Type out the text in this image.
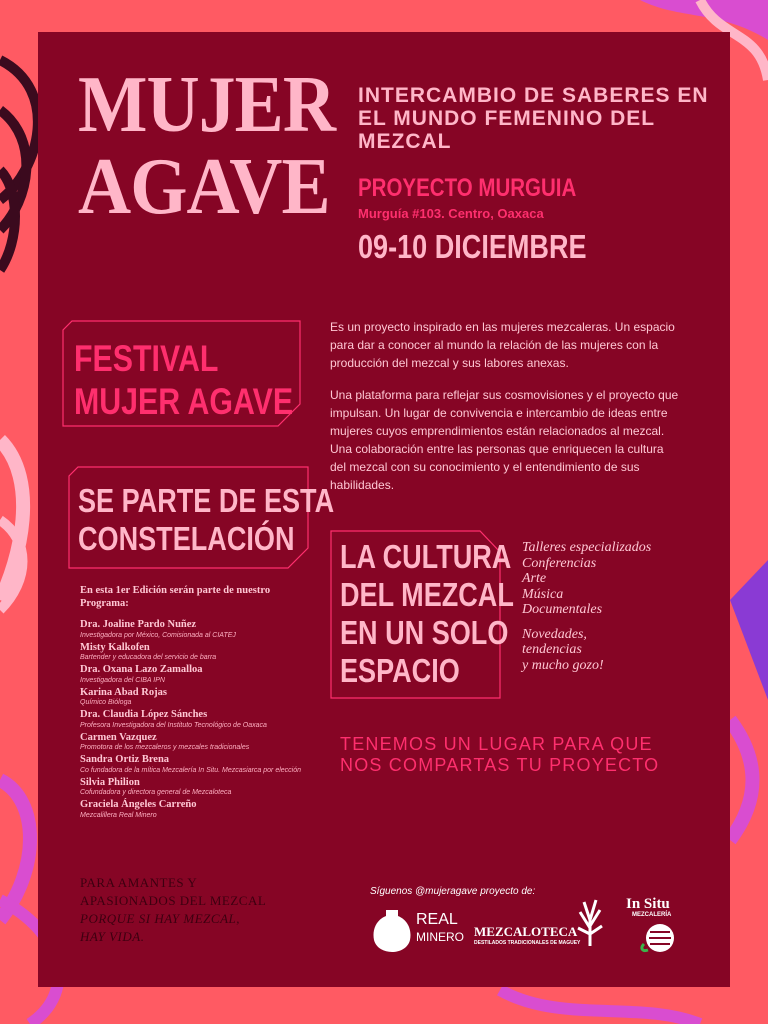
MUJER
AGAVE
INTERCAMBIO DE SABERES EN EL MUNDO FEMENINO DEL MEZCAL
PROYECTO MURGUIA
Murguía #103. Centro, Oaxaca
09-10 DICIEMBRE
FESTIVAL
MUJER AGAVE

Es un proyecto inspirado en las mujeres mezcaleras. Un espacio para dar a conocer al mundo la relación de las mujeres con la producción del mezcal y sus labores anexas.

Una plataforma para reflejar sus cosmovisiones y el proyecto que impulsan. Un lugar de convivencia e intercambio de ideas entre mujeres cuyos emprendimientos están relacionados al mezcal. Una colaboración entre las personas que enriquecen la cultura del mezcal con su conocimiento y el entendimiento de sus habilidades.

SE PARTE DE ESTA
CONSTELACIÓN	LA CULTURA
DEL MEZCAL
EN UN SOLO
ESPACIO
Talleres especializados
Conferencias
Arte
Música
Documentales
Novedades,
tendencias
y mucho gozo!
TENEMOS UN LUGAR PARA QUE NOS COMPARTAS TU PROYECTO
En esta 1er Edición serán parte de nuestro Programa:
Dra. Joaline Pardo Nuñez
Investigadora por México, Comisionada al CIATEJ
Misty Kalkofen
Bartender y educadora del servicio de barra
Dra. Oxana Lazo Zamalloa
Investigadora del CIBA IPN
Karina Abad Rojas
Químico Bióloga
Dra. Claudia López Sánches
Profesora Investigadora del Instituto Tecnológico de Oaxaca
Carmen Vazquez
Promotora de los mezcaleros y mezcales tradicionales
Sandra Ortiz Brena
Co fundadora de la mítica Mezcalería In Situ. Mezcasiarca por elección
Silvia Philion
Cofundadora y directora general de Mezcaloteca
Graciela Ángeles Carreño
Mezcalillera Real Minero
PARA AMANTES Y
APASIONADOS DEL MEZCAL
PORQUE SI HAY MEZCAL,
HAY VIDA.
Síguenos @mujeragave proyecto de:
REAL
MINERO MEZCALOTECA
DESTILADOS TRADICIONALES DE MAGUEY
In Situ
MEZCALERÍA
